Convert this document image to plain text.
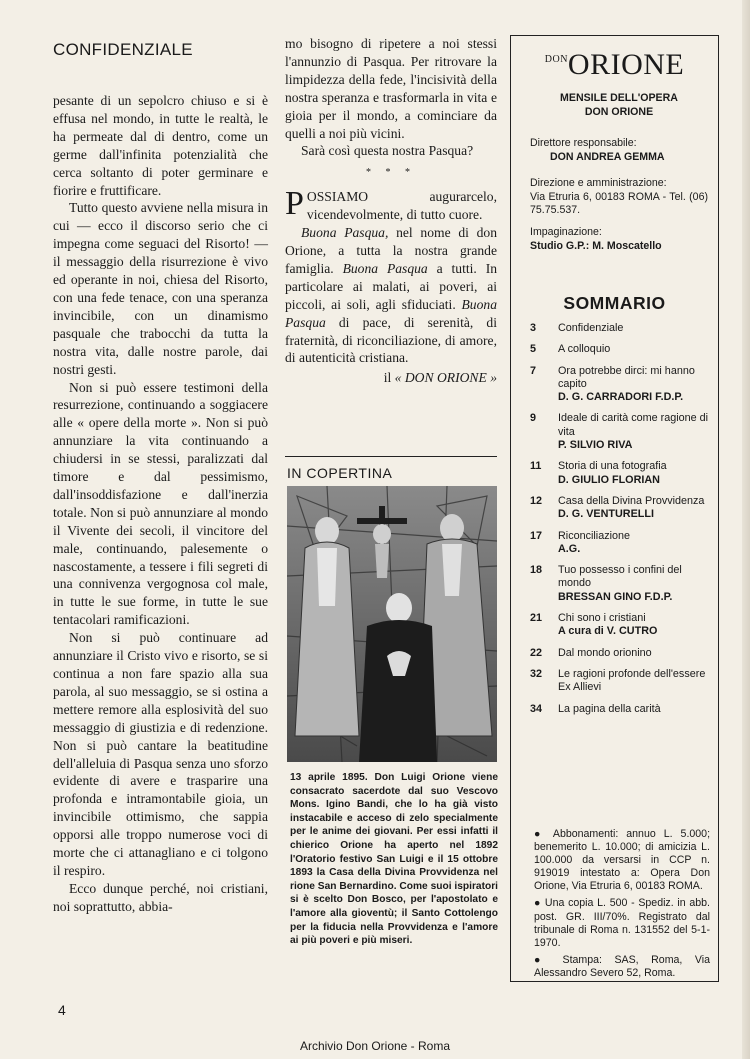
CONFIDENZIALE

pesante di un sepolcro chiuso e si è effusa nel mondo, in tutte le realtà, le ha permeate dal di dentro, come un germe dall'infinita potenzialità che cerca soltanto di poter germinare e fiorire e fruttificare.

Tutto questo avviene nella misura in cui — ecco il discorso serio che ci impegna come seguaci del Risorto! — il messaggio della risurrezione è vivo ed operante in noi, chiesa del Risorto, con una fede tenace, con una speranza invincibile, con un dinamismo pasquale che trabocchi da tutta la nostra vita, dalle nostre parole, dai nostri gesti.

Non si può essere testimoni della resurrezione, continuando a soggiacere alle « opere della morte ». Non si può annunziare la vita continuando a chiudersi in se stessi, paralizzati dal timore e dal pessimismo, dall'insoddisfazione e dall'inerzia totale. Non si può annunziare al mondo il Vivente dei secoli, il vincitore del male, continuando, palesemente o nascostamente, a tessere i fili segreti di una connivenza vergognosa col male, in tutte le sue forme, in tutte le sue tentacolari ramificazioni.

Non si può continuare ad annunziare il Cristo vivo e risorto, se si continua a non fare spazio alla sua parola, al suo messaggio, se si ostina a mettere remore alla esplosività del suo messaggio di giustizia e di redenzione. Non si può cantare la beatitudine dell'alleluia di Pasqua senza uno sforzo evidente di avere e trasparire una profonda e intramontabile gioia, un invincibile ottimismo, che sappia opporsi alle troppo numerose voci di morte che ci attanagliano e ci tolgono il respiro.

Ecco dunque perché, noi cristiani, noi soprattutto, abbia-

mo bisogno di ripetere a noi stessi l'annunzio di Pasqua. Per ritrovare la limpidezza della fede, l'incisività della nostra speranza e trasformarla in vita e gioia per il mondo, a cominciare da quelli a noi più vicini.

Sarà così questa nostra Pasqua?

* * *

POSSIAMO augurarcelo, vicendevolmente, di tutto cuore.

Buona Pasqua, nel nome di don Orione, a tutta la nostra grande famiglia. Buona Pasqua a tutti. In particolare ai malati, ai poveri, ai piccoli, ai soli, agli sfiduciati. Buona Pasqua di pace, di serenità, di fraternità, di riconciliazione, di amore, di autenticità cristiana.

il « DON ORIONE »

IN COPERTINA
13 aprile 1895. Don Luigi Orione viene consacrato sacerdote dal suo Vescovo Mons. Igino Bandi, che lo ha già visto instacabile e acceso di zelo specialmente per le anime dei giovani. Per essi infatti il chierico Orione ha aperto nel 1892 l'Oratorio festivo San Luigi e il 15 ottobre 1893 la Casa della Divina Provvidenza nel rione San Bernardino. Come suoi ispiratori si è scelto Don Bosco, per l'apostolato e l'amore alla gioventù; il Santo Cottolengo per la fiducia nella Provvidenza e l'amore ai più poveri e più miseri.
$^{DON}$ORIONE
MENSILE DELL'OPERA
DON ORIONE
Direttore responsabile:
DON ANDREA GEMMA
Direzione e amministrazione:
Via Etruria 6, 00183 ROMA - Tel. (06) 75.75.537.
Impaginazione:
Studio G.P.: M. Moscatello
SOMMARIO
3	Confidenziale
5	A colloquio
7	Ora potrebbe dirci: mi hanno capito
D. G. CARRADORI F.D.P.
9	Ideale di carità come ragione di vita
P. SILVIO RIVA
11	Storia di una fotografia
D. GIULIO FLORIAN
12	Casa della Divina Provvidenza
D. G. VENTURELLI
17	Riconciliazione
A.G.
18	Tuo possesso i confini del mondo
BRESSAN GINO F.D.P.
21	Chi sono i cristiani
A cura di V. CUTRO
22	Dal mondo orionino
32	Le ragioni profonde dell'essere Ex Allievi
34	La pagina della carità

● Abbonamenti: annuo L. 5.000; benemerito L. 10.000; di amicizia L. 100.000 da versarsi in CCP n. 919019 intestato a: Opera Don Orione, Via Etruria 6, 00183 ROMA.

● Una copia L. 500 - Spediz. in abb. post. GR. III/70%. Registrato dal tribunale di Roma n. 131552 del 5-1-1970.

● Stampa: SAS, Roma, Via Alessandro Severo 52, Roma.

4
Archivio Don Orione - Roma
